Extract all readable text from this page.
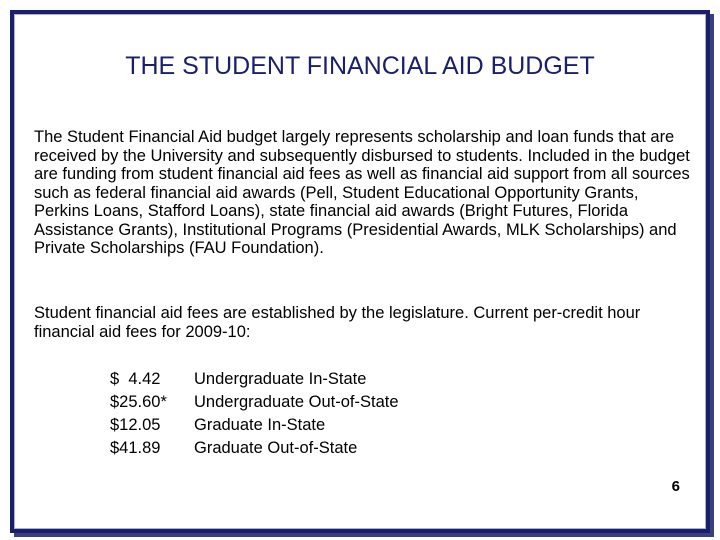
THE STUDENT FINANCIAL AID BUDGET

The Student Financial Aid budget largely represents scholarship and loan funds that are received by the University and subsequently disbursed to students. Included in the budget are funding from student financial aid fees as well as financial aid support from all sources such as federal financial aid awards (Pell, Student Educational Opportunity Grants, Perkins Loans, Stafford Loans), state financial aid awards (Bright Futures, Florida Assistance Grants), Institutional Programs (Presidential Awards, MLK Scholarships) and Private Scholarships (FAU Foundation).

Student financial aid fees are established by the legislature. Current per-credit hour financial aid fees for 2009-10:

$  4.42	Undergraduate In-State
$25.60*	Undergraduate Out-of-State
$12.05	Graduate In-State
$41.89	Graduate Out-of-State
6
